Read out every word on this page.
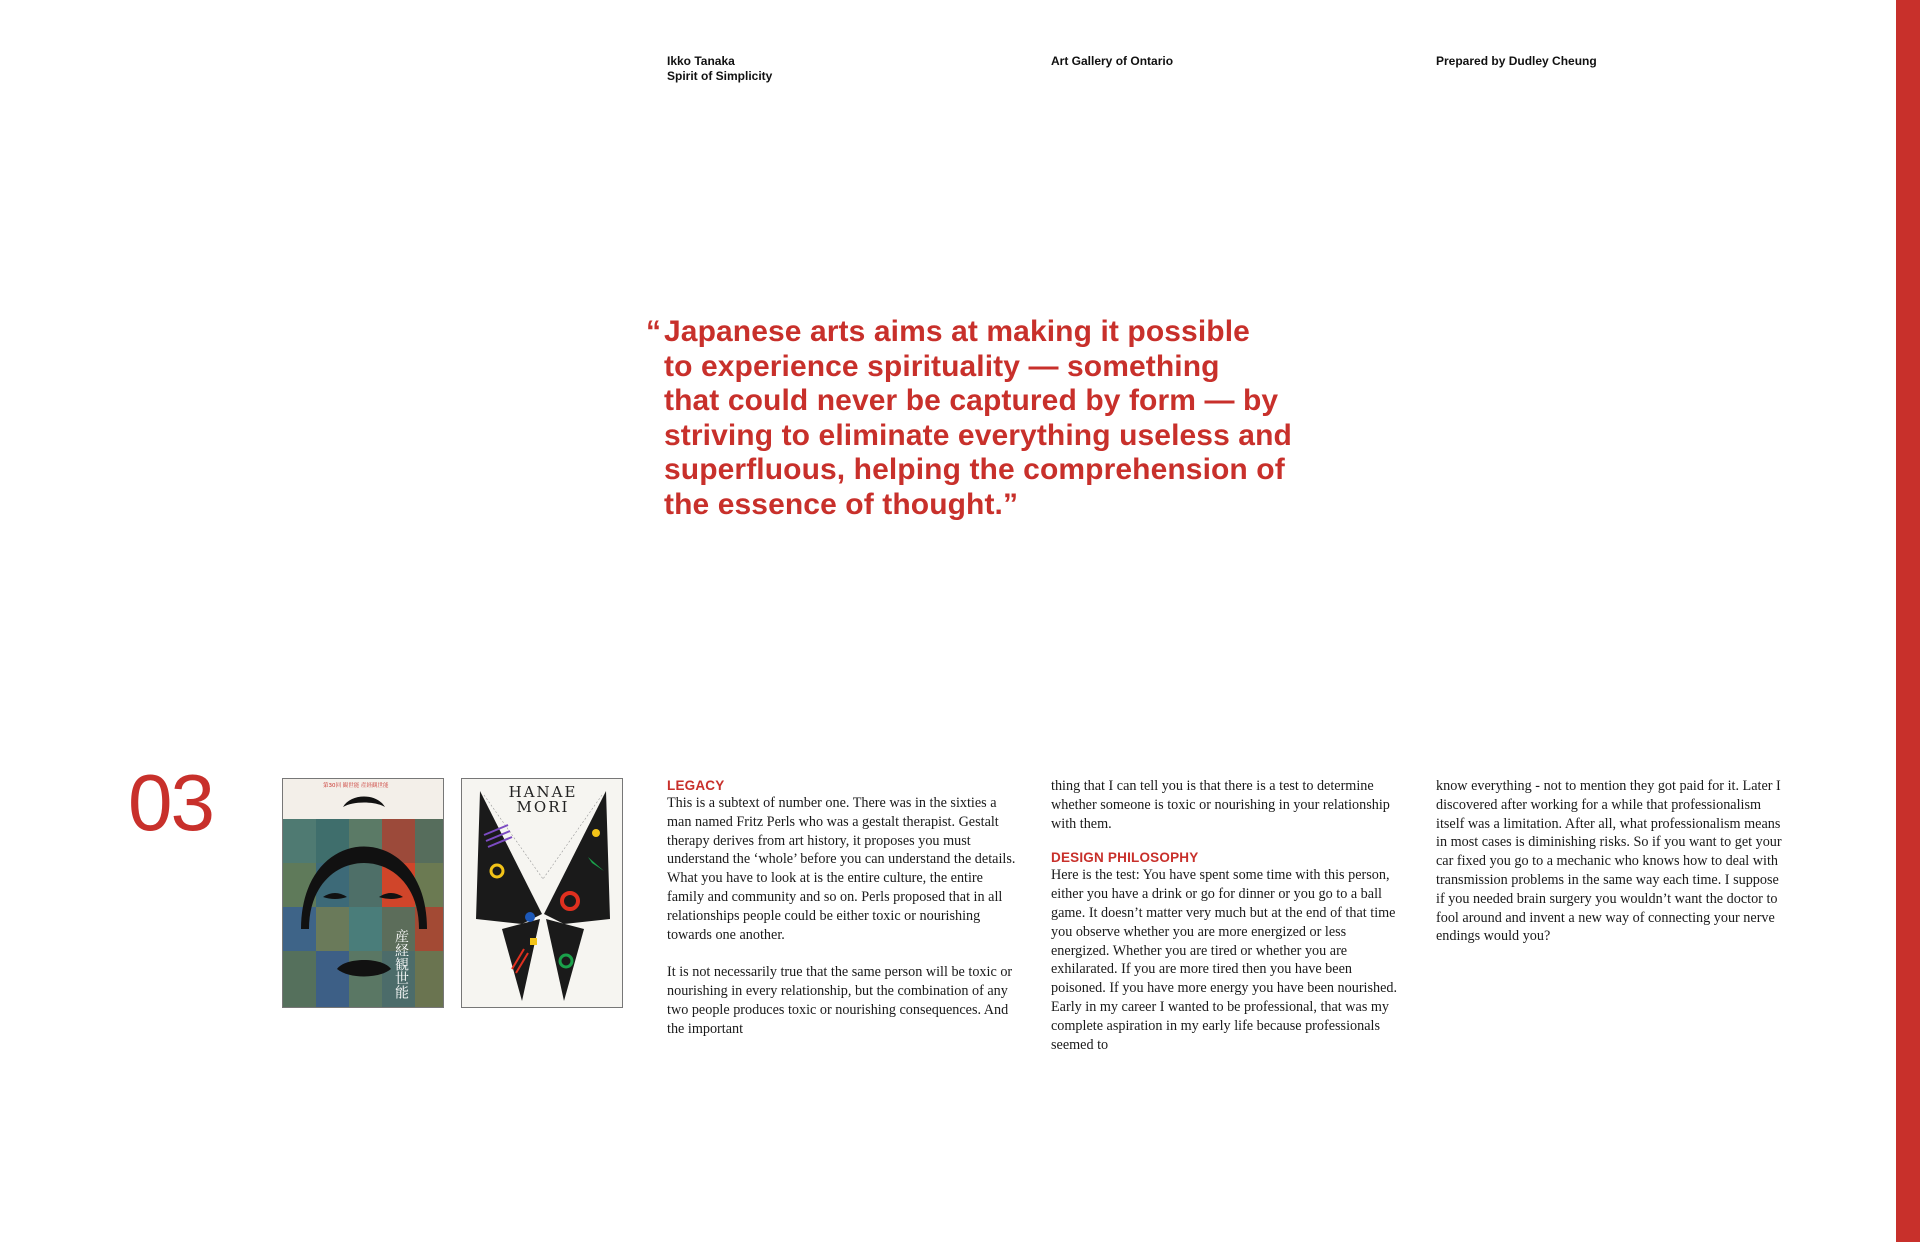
Ikko Tanaka
Spirit of Simplicity
Art Gallery of Ontario	Prepared by Dudley Cheung
“ Japanese arts aims at making it possible
to experience spirituality — something
that could never be captured by form — by
striving to eliminate everything useless and
superfluous, helping the comprehension of
the essence of thought.”
03	第30回 観世能 産経観世能
産経観世能
HANAE
MORI
LEGACY

This is a subtext of number one. There was in the sixties a man named Fritz Perls who was a gestalt therapist. Gestalt therapy derives from art history, it proposes you must understand the ‘whole’ before you can understand the details. What you have to look at is the entire culture, the entire family and community and so on. Perls proposed that in all relationships people could be either toxic or nourishing towards one another.

It is not necessarily true that the same person will be toxic or nourishing in every relationship, but the combination of any two people produces toxic or nourishing consequences. And the important

thing that I can tell you is that there is a test to determine whether someone is toxic or nourishing in your relationship with them.

DESIGN PHILOSOPHY

Here is the test: You have spent some time with this person, either you have a drink or go for dinner or you go to a ball game. It doesn’t matter very much but at the end of that time you observe whether you are more energized or less energized. Whether you are tired or whether you are exhilarated. If you are more tired then you have been poisoned. If you have more energy you have been nourished. Early in my career I wanted to be professional, that was my complete aspiration in my early life because professionals seemed to

know everything - not to mention they got paid for it. Later I discovered after working for a while that professionalism itself was a limitation. After all, what professionalism means in most cases is diminishing risks. So if you want to get your car fixed you go to a mechanic who knows how to deal with transmission problems in the same way each time. I suppose if you needed brain surgery you wouldn’t want the doctor to fool around and invent a new way of connecting your nerve endings would you?
